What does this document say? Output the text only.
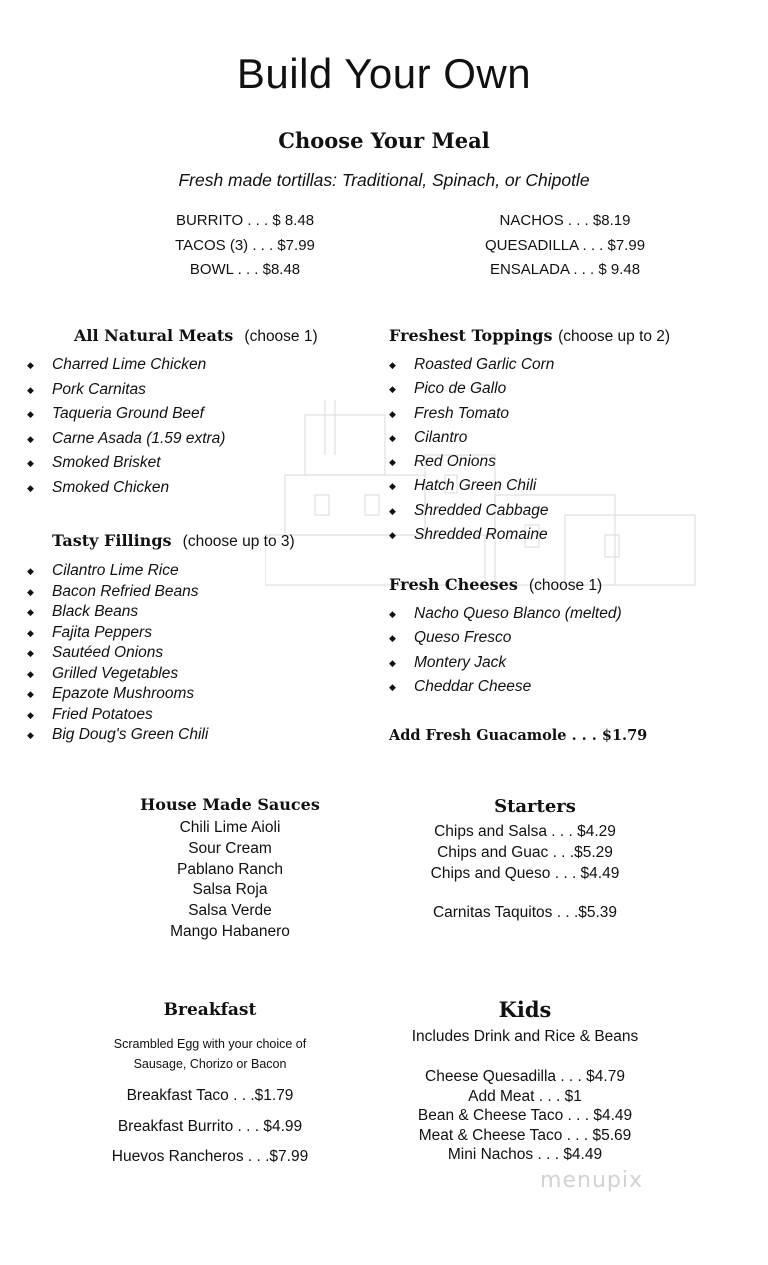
Build Your Own
Choose Your Meal
Fresh made tortillas: Traditional, Spinach, or Chipotle
BURRITO . . . $ 8.48
TACOS (3) . . . $7.99
BOWL . . . $8.48
NACHOS . . . $8.19
QUESADILLA . . . $7.99
ENSALADA . . . $ 9.48
All Natural Meats (choose 1)
◆ Charred Lime Chicken
◆ Pork Carnitas
◆ Taqueria Ground Beef
◆ Carne Asada (1.59 extra)
◆ Smoked Brisket
◆ Smoked Chicken
Freshest Toppings (choose up to 2)
◆ Roasted Garlic Corn
◆ Pico de Gallo
◆ Fresh Tomato
◆ Cilantro
◆ Red Onions
◆ Hatch Green Chili
◆ Shredded Cabbage
◆ Shredded Romaine
Tasty Fillings (choose up to 3)
◆ Cilantro Lime Rice
◆ Bacon Refried Beans
◆ Black Beans
◆ Fajita Peppers
◆ Sautéed Onions
◆ Grilled Vegetables
◆ Epazote Mushrooms
◆ Fried Potatoes
◆ Big Doug's Green Chili
Fresh Cheeses (choose 1)
◆ Nacho Queso Blanco (melted)
◆ Queso Fresco
◆ Montery Jack
◆ Cheddar Cheese
Add Fresh Guacamole . . . $1.79
House Made Sauces
Chili Lime Aioli
Sour Cream
Pablano Ranch
Salsa Roja
Salsa Verde
Mango Habanero
Starters
Chips and Salsa . . . $4.29
Chips and Guac . . .$5.29
Chips and Queso . . . $4.49
Carnitas Taquitos . . .$5.39
Breakfast
Scrambled Egg with your choice of
Sausage, Chorizo or Bacon
Breakfast Taco . . .$1.79
Breakfast Burrito . . . $4.99
Huevos Rancheros . . .$7.99
Kids
Includes Drink and Rice & Beans
Cheese Quesadilla . . . $4.79
Add Meat . . . $1
Bean & Cheese Taco . . . $4.49
Meat & Cheese Taco . . . $5.69
Mini Nachos . . . $4.49
menupix
